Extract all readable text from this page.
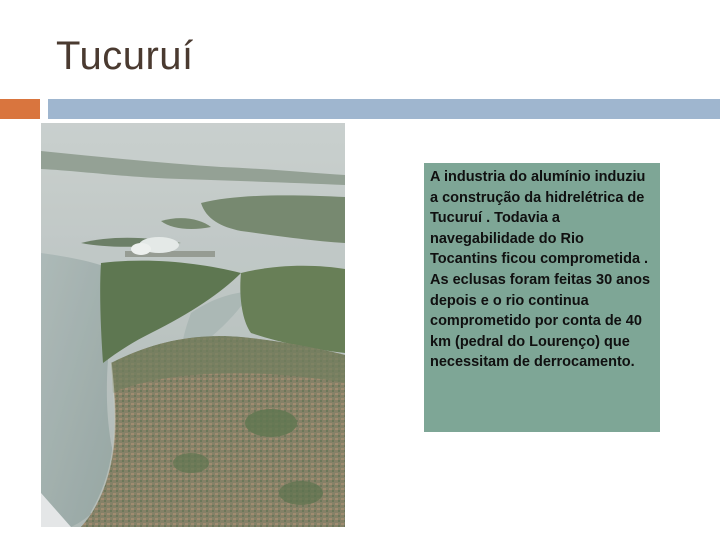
Tucuruí

A industria do alumínio induziu a construção da hidrelétrica de Tucuruí . Todavia a navegabilidade do Rio Tocantins ficou comprometida . As eclusas foram feitas 30 anos depois e o rio continua comprometido por conta de 40 km (pedral do Lourenço) que necessitam de derrocamento.
